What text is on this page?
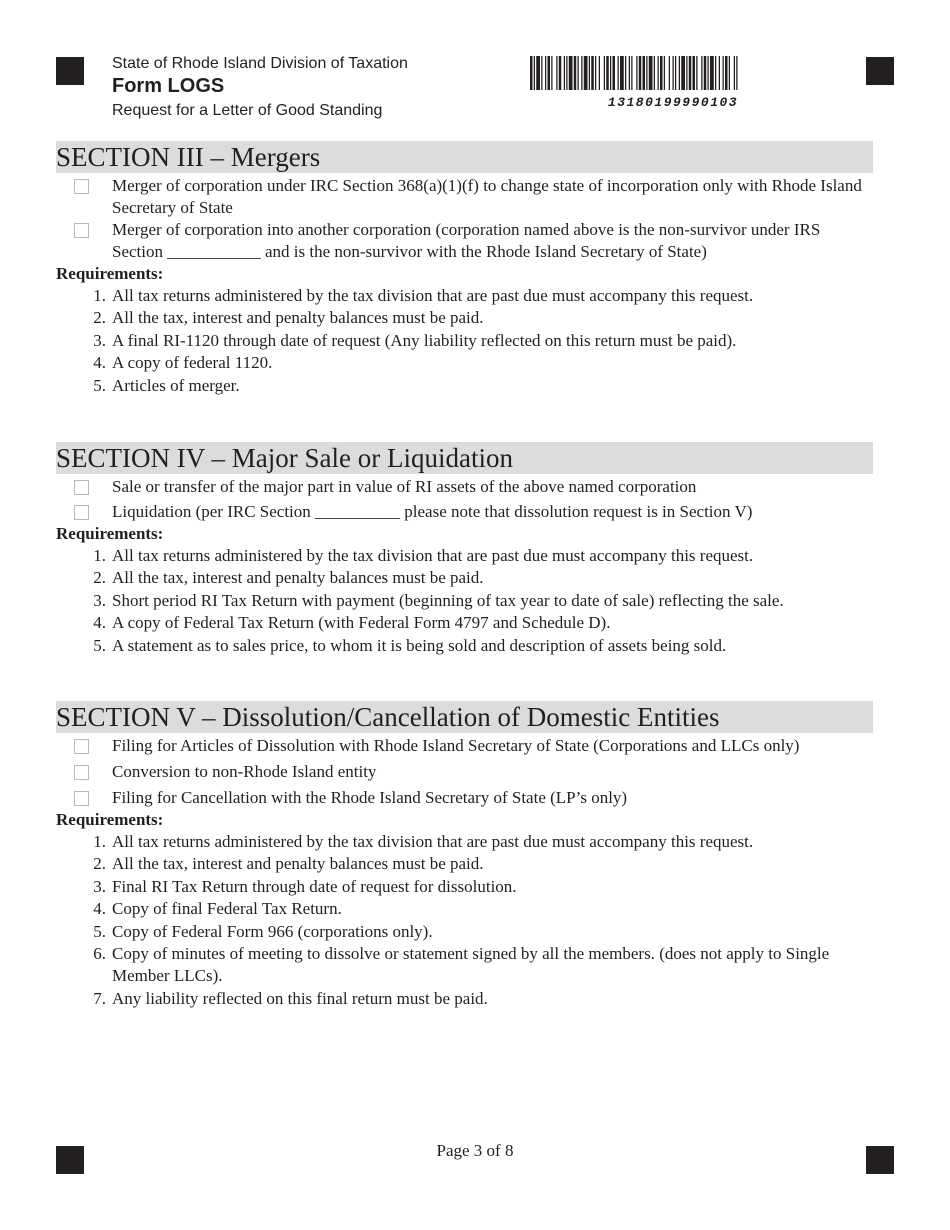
State of Rhode Island Division of Taxation
Form LOGS
Request for a Letter of Good Standing	13180199990103
SECTION III – Mergers
Merger of corporation under IRC Section 368(a)(1)(f) to change state of incorporation only with Rhode Island Secretary of State
Merger of corporation into another corporation (corporation named above is the non-survivor under IRS Section ___________ and is the non-survivor with the Rhode Island Secretary of State)
Requirements:
1. All tax returns administered by the tax division that are past due must accompany this request.
2. All the tax, interest and penalty balances must be paid.
3. A final RI-1120 through date of request (Any liability reflected on this return must be paid).
4. A copy of federal 1120.
5. Articles of merger.
SECTION IV – Major Sale or Liquidation
Sale or transfer of the major part in value of RI assets of the above named corporation
Liquidation (per IRC Section __________ please note that dissolution request is in Section V)
Requirements:
1. All tax returns administered by the tax division that are past due must accompany this request.
2. All the tax, interest and penalty balances must be paid.
3. Short period RI Tax Return with payment (beginning of tax year to date of sale) reflecting the sale.
4. A copy of Federal Tax Return (with Federal Form 4797 and Schedule D).
5. A statement as to sales price, to whom it is being sold and description of assets being sold.
SECTION V – Dissolution/Cancellation of Domestic Entities
Filing for Articles of Dissolution with Rhode Island Secretary of State (Corporations and LLCs only)
Conversion to non-Rhode Island entity
Filing for Cancellation with the Rhode Island Secretary of State (LP’s only)
Requirements:
1. All tax returns administered by the tax division that are past due must accompany this request.
2. All the tax, interest and penalty balances must be paid.
3. Final RI Tax Return through date of request for dissolution.
4. Copy of final Federal Tax Return.
5. Copy of Federal Form 966 (corporations only).
6. Copy of minutes of meeting to dissolve or statement signed by all the members. (does not apply to Single Member LLCs).
7. Any liability reflected on this final return must be paid.
Page 3 of 8
